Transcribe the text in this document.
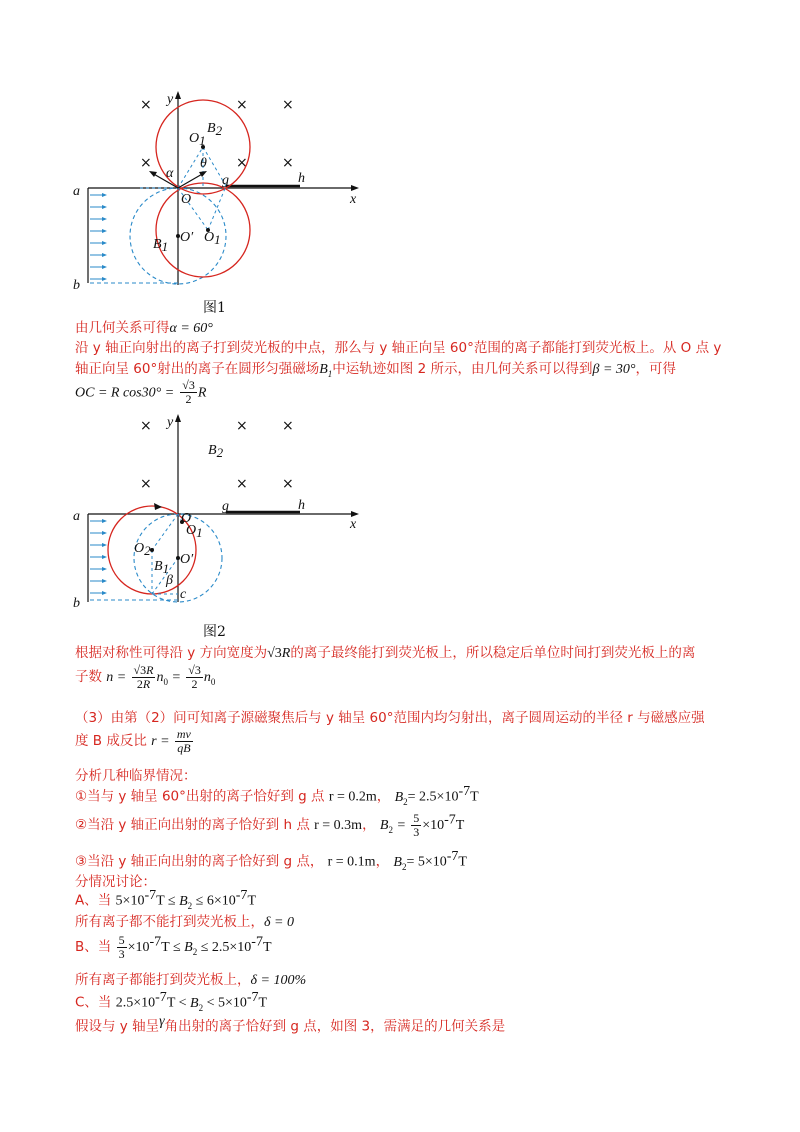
×	× ×
×	× ×
y
x
a
b
O
O1
B2
θ
α	g	h
O′ O1
B1
图1
由几何关系可得α = 60°
沿 y 轴正向射出的离子打到荧光板的中点，那么与 y 轴正向呈 60°范围的离子都能打到荧光板上。从 O 点 y
轴正向呈 60°射出的离子在圆形匀强磁场$B_1$中运轨迹如图 2 所示，由几何关系可以得到β = 30°，可得
OC = R $\cos 30^\circ = \frac{√3}{2}$ R
×	× ×
×	× ×
y
x
a
b
B2
g	h
O
O1
O2
O′
B1
β
c
图2
根据对称性可得沿 y 方向宽度为√3R的离子最终能打到荧光板上，所以稳定后单位时间打到荧光板上的离
子数 $n = \frac{√3R}{2R} n_0 = \frac{√3}{2} n_0$
（3）由第（2）问可知离子源磁聚焦后与 y 轴呈 60°范围内均匀射出，离子圆周运动的半径 r 与磁感应强
度 B 成反比 $r = \frac{mv}{qB}$
分析几种临界情况：
①当与 y 轴呈 60°出射的离子恰好到 g 点 r = 0.2m， $B_2= 2.5\times 10^{-7}T$
②当沿 y 轴正向出射的离子恰好到 h 点 r = 0.3m， $B_2 = \frac{5}{3} \times 10^{-7}T$
③当沿 y 轴正向出射的离子恰好到 g 点， r = 0.1m， $B_2= 5\times 10^{-7}T$
分情况讨论：
A、当 $5\times 10^{-7}T \le B_2 \le 6\times 10^{-7}T$
所有离子都不能打到荧光板上，δ = 0
B、当 $\frac{5}{3} \times 10^{-7}T \le B_2 \le 2.5\times 10^{-7}T$
所有离子都能打到荧光板上，δ = 100%
C、当 $2.5\times 10^{-7}T < B_2 < 5\times 10^{-7}T$
假设与 y 轴呈$^\gamma$角出射的离子恰好到 g 点，如图 3，需满足的几何关系是
